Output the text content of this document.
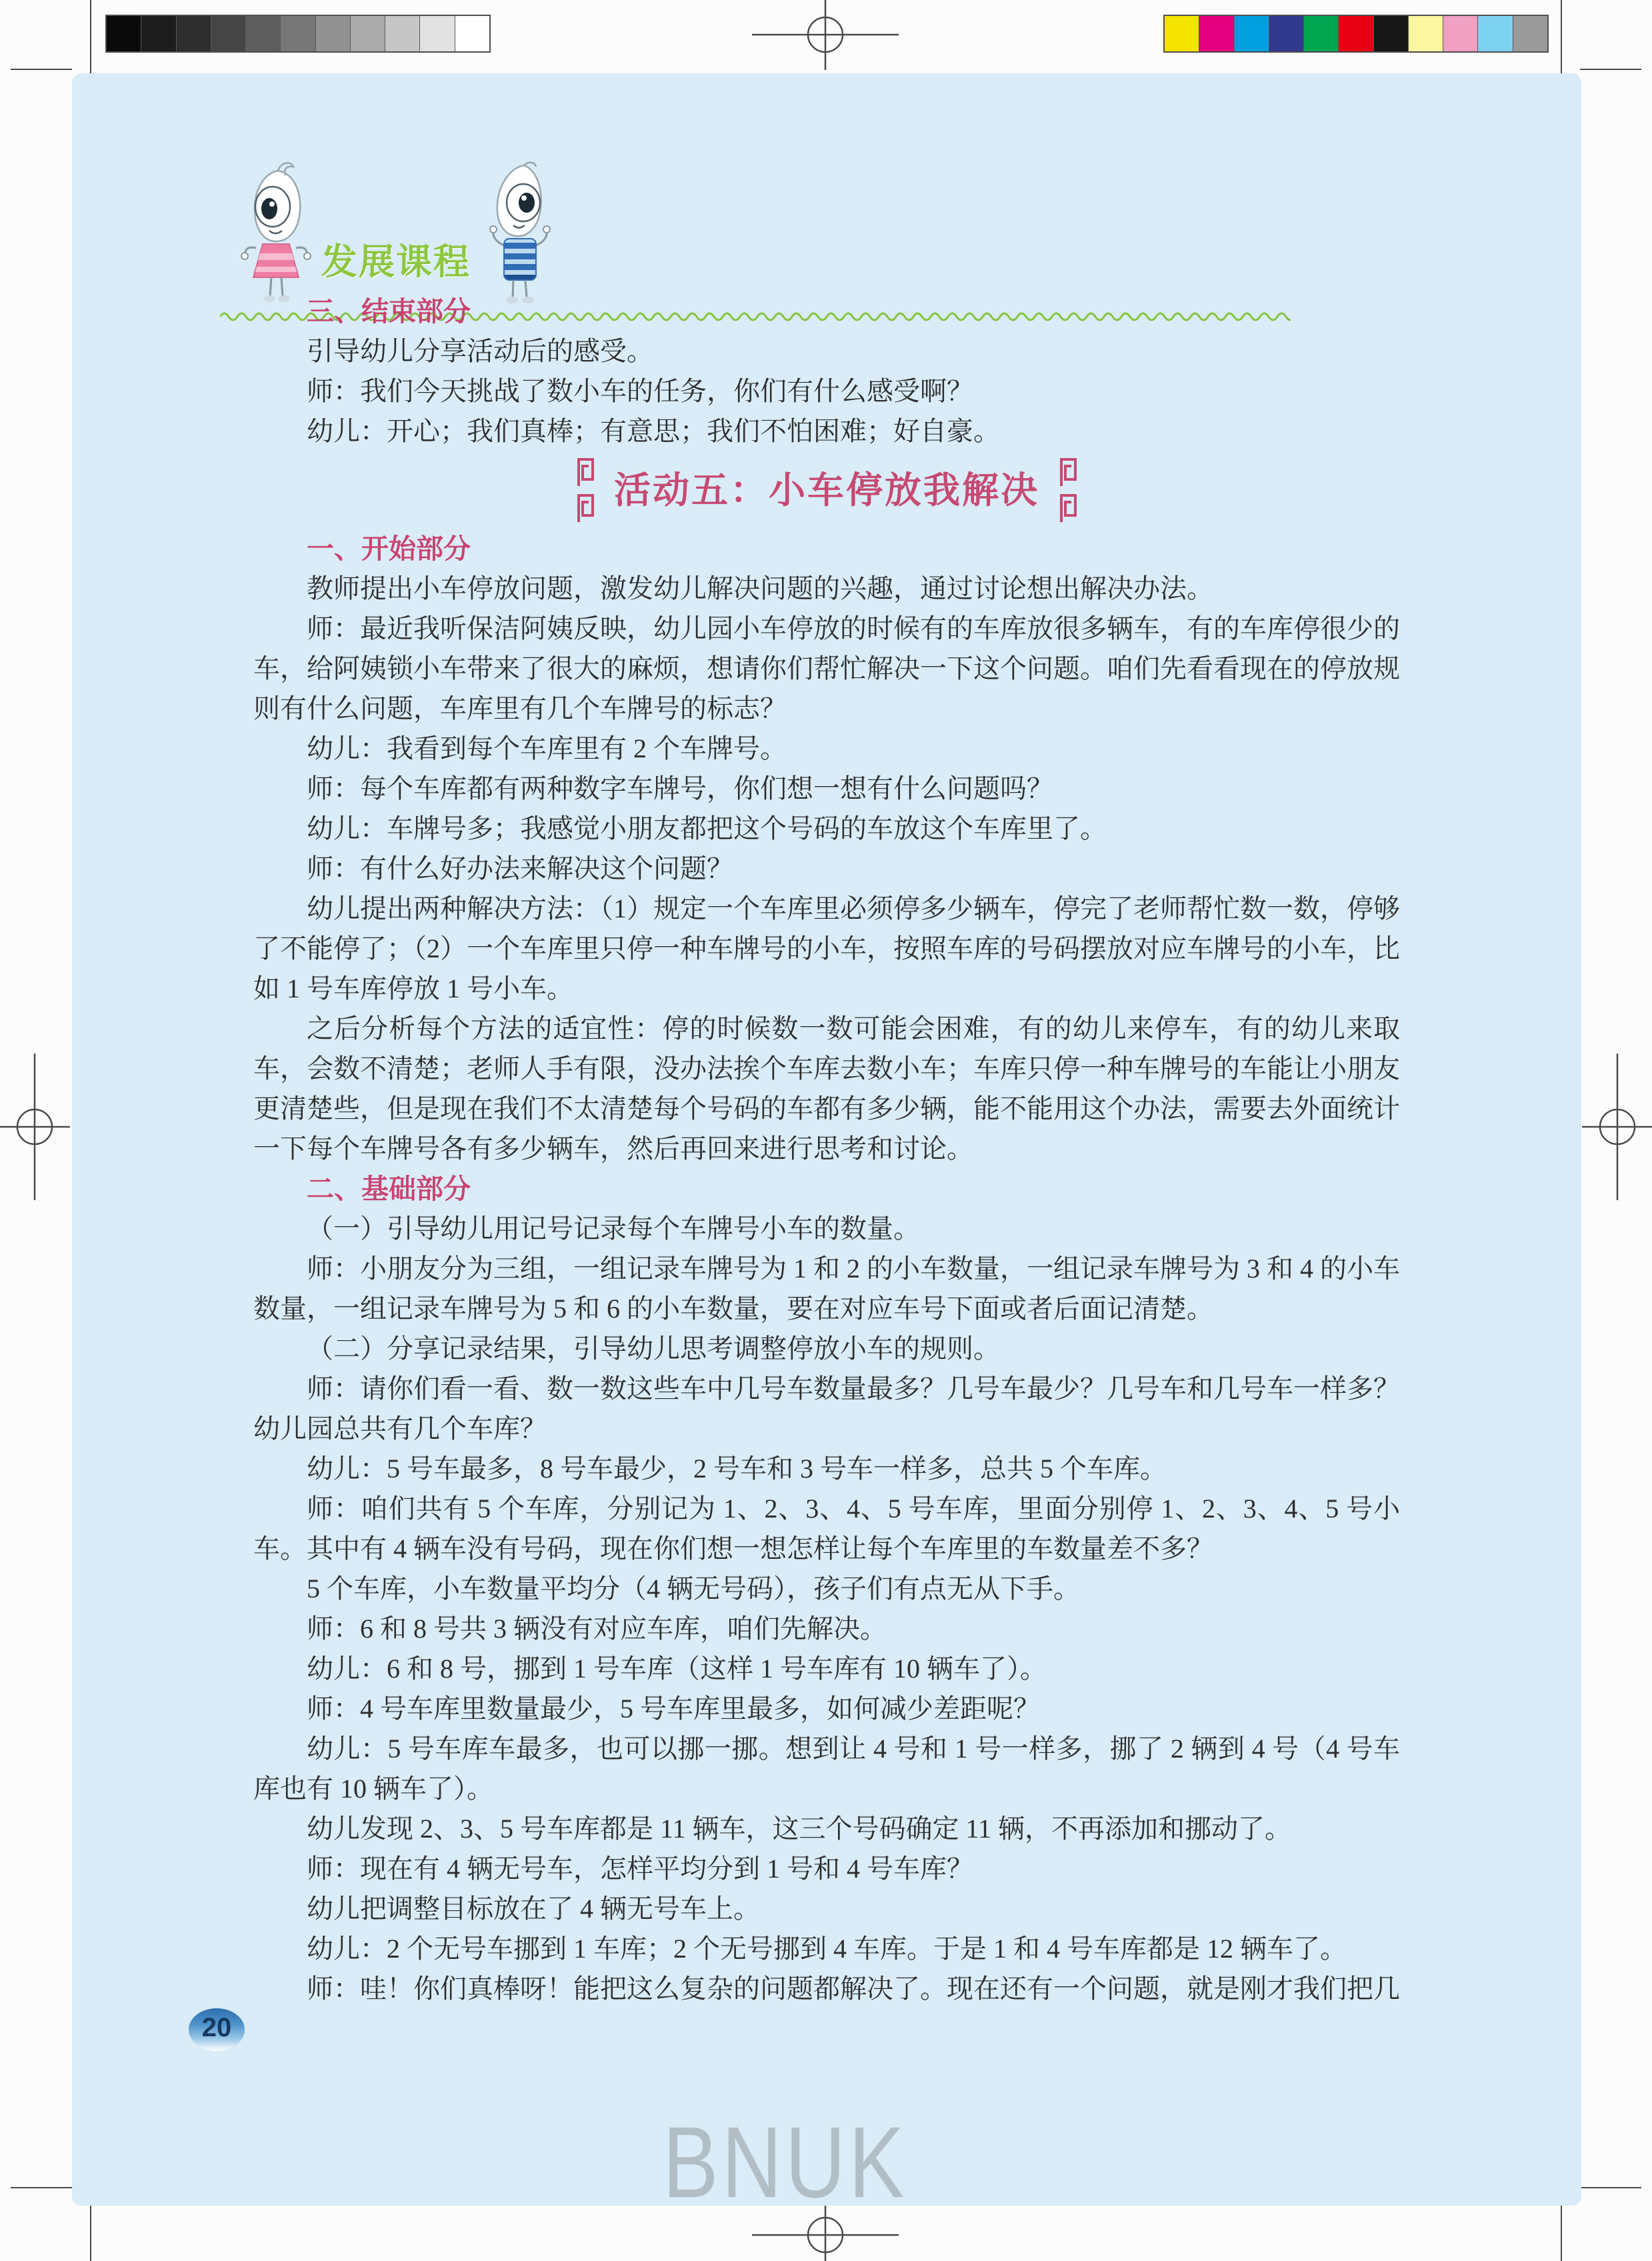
发展课程
三、结束部分

引导幼儿分享活动后的感受。

师：我们今天挑战了数小车的任务，你们有什么感受啊？

幼儿：开心；我们真棒；有意思；我们不怕困难；好自豪。

活动五：小车停放我解决
一、开始部分

教师提出小车停放问题，激发幼儿解决问题的兴趣，通过讨论想出解决办法。

师：最近我听保洁阿姨反映，幼儿园小车停放的时候有的车库放很多辆车，有的车库停很少的车，给阿姨锁小车带来了很大的麻烦，想请你们帮忙解决一下这个问题。咱们先看看现在的停放规则有什么问题，车库里有几个车牌号的标志？

幼儿：我看到每个车库里有 2 个车牌号。

师：每个车库都有两种数字车牌号，你们想一想有什么问题吗？

幼儿：车牌号多；我感觉小朋友都把这个号码的车放这个车库里了。

师：有什么好办法来解决这个问题？

幼儿提出两种解决方法：（1）规定一个车库里必须停多少辆车，停完了老师帮忙数一数，停够了不能停了；（2）一个车库里只停一种车牌号的小车，按照车库的号码摆放对应车牌号的小车，比如 1 号车库停放 1 号小车。

之后分析每个方法的适宜性：停的时候数一数可能会困难，有的幼儿来停车，有的幼儿来取车，会数不清楚；老师人手有限，没办法挨个车库去数小车；车库只停一种车牌号的车能让小朋友更清楚些，但是现在我们不太清楚每个号码的车都有多少辆，能不能用这个办法，需要去外面统计一下每个车牌号各有多少辆车，然后再回来进行思考和讨论。

二、基础部分

（一）引导幼儿用记号记录每个车牌号小车的数量。

师：小朋友分为三组，一组记录车牌号为 1 和 2 的小车数量，一组记录车牌号为 3 和 4 的小车数量，一组记录车牌号为 5 和 6 的小车数量，要在对应车号下面或者后面记清楚。

（二）分享记录结果，引导幼儿思考调整停放小车的规则。

师：请你们看一看、数一数这些车中几号车数量最多？几号车最少？几号车和几号车一样多？幼儿园总共有几个车库？

幼儿：5 号车最多，8 号车最少，2 号车和 3 号车一样多，总共 5 个车库。

师：咱们共有 5 个车库，分别记为 1、2、3、4、5 号车库，里面分别停 1、2、3、4、5 号小车。其中有 4 辆车没有号码，现在你们想一想怎样让每个车库里的车数量差不多？

5 个车库，小车数量平均分（4 辆无号码），孩子们有点无从下手。

师：6 和 8 号共 3 辆没有对应车库，咱们先解决。

幼儿：6 和 8 号，挪到 1 号车库（这样 1 号车库有 10 辆车了）。

师：4 号车库里数量最少，5 号车库里最多，如何减少差距呢？

幼儿：5 号车库车最多，也可以挪一挪。想到让 4 号和 1 号一样多，挪了 2 辆到 4 号（4 号车库也有 10 辆车了）。

幼儿发现 2、3、5 号车库都是 11 辆车，这三个号码确定 11 辆，不再添加和挪动了。

师：现在有 4 辆无号车，怎样平均分到 1 号和 4 号车库？

幼儿把调整目标放在了 4 辆无号车上。

幼儿：2 个无号车挪到 1 车库；2 个无号挪到 4 车库。于是 1 和 4 号车库都是 12 辆车了。

师：哇！你们真棒呀！能把这么复杂的问题都解决了。现在还有一个问题，就是刚才我们把几

20
BNUK
